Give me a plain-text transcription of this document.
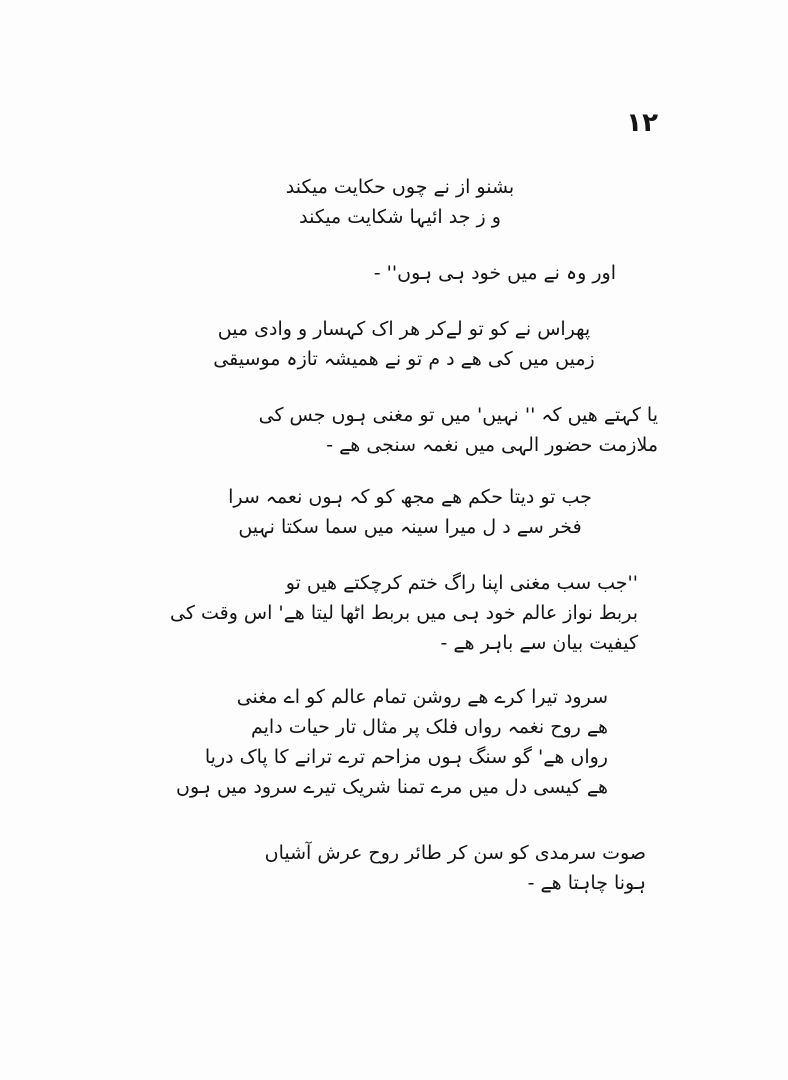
۱۲
بشنو از نے چوں حکایت میکند
و ز جد ائیہا شکایت میکند
اور وہ نے میں خود ہی ہوں'' -
پھراس نے کو تو لےکر ھر اک کہسار و وادی میں
زمیں میں کی ھے د م تو نے ھمیشہ تازہ موسیقی
یا کہتے ھیں کہ '' نہیں' میں تو مغنی ہوں جس کی
ملازمت حضور الہی میں نغمہ سنجی ھے -
جب تو دیتا حکم ھے مجھ کو کہ ہوں نعمہ سرا
فخر سے د ل میرا سینہ میں سما سکتا نہیں
''جب سب مغنی اپنا راگ ختم کرچکتے ھیں تو
بربط نواز عالم خود ہی میں بربط اٹھا لیتا ھے' اس وقت کی
کیفیت بیان سے باہر ھے -
سرود تیرا کرے ھے روشن تمام عالم کو اے مغنی
ھے روح نغمہ رواں فلک پر مثال تار حیات دایم
رواں ھے' گو سنگ ہوں مزاحم ترے ترانے کا پاک دریا
ھے کیسی دل میں مرے تمنا شریک تیرے سرود میں ہوں
صوت سرمدی کو سن کر طائر روح عرش آشیاں
ہونا چاہتا ھے -
